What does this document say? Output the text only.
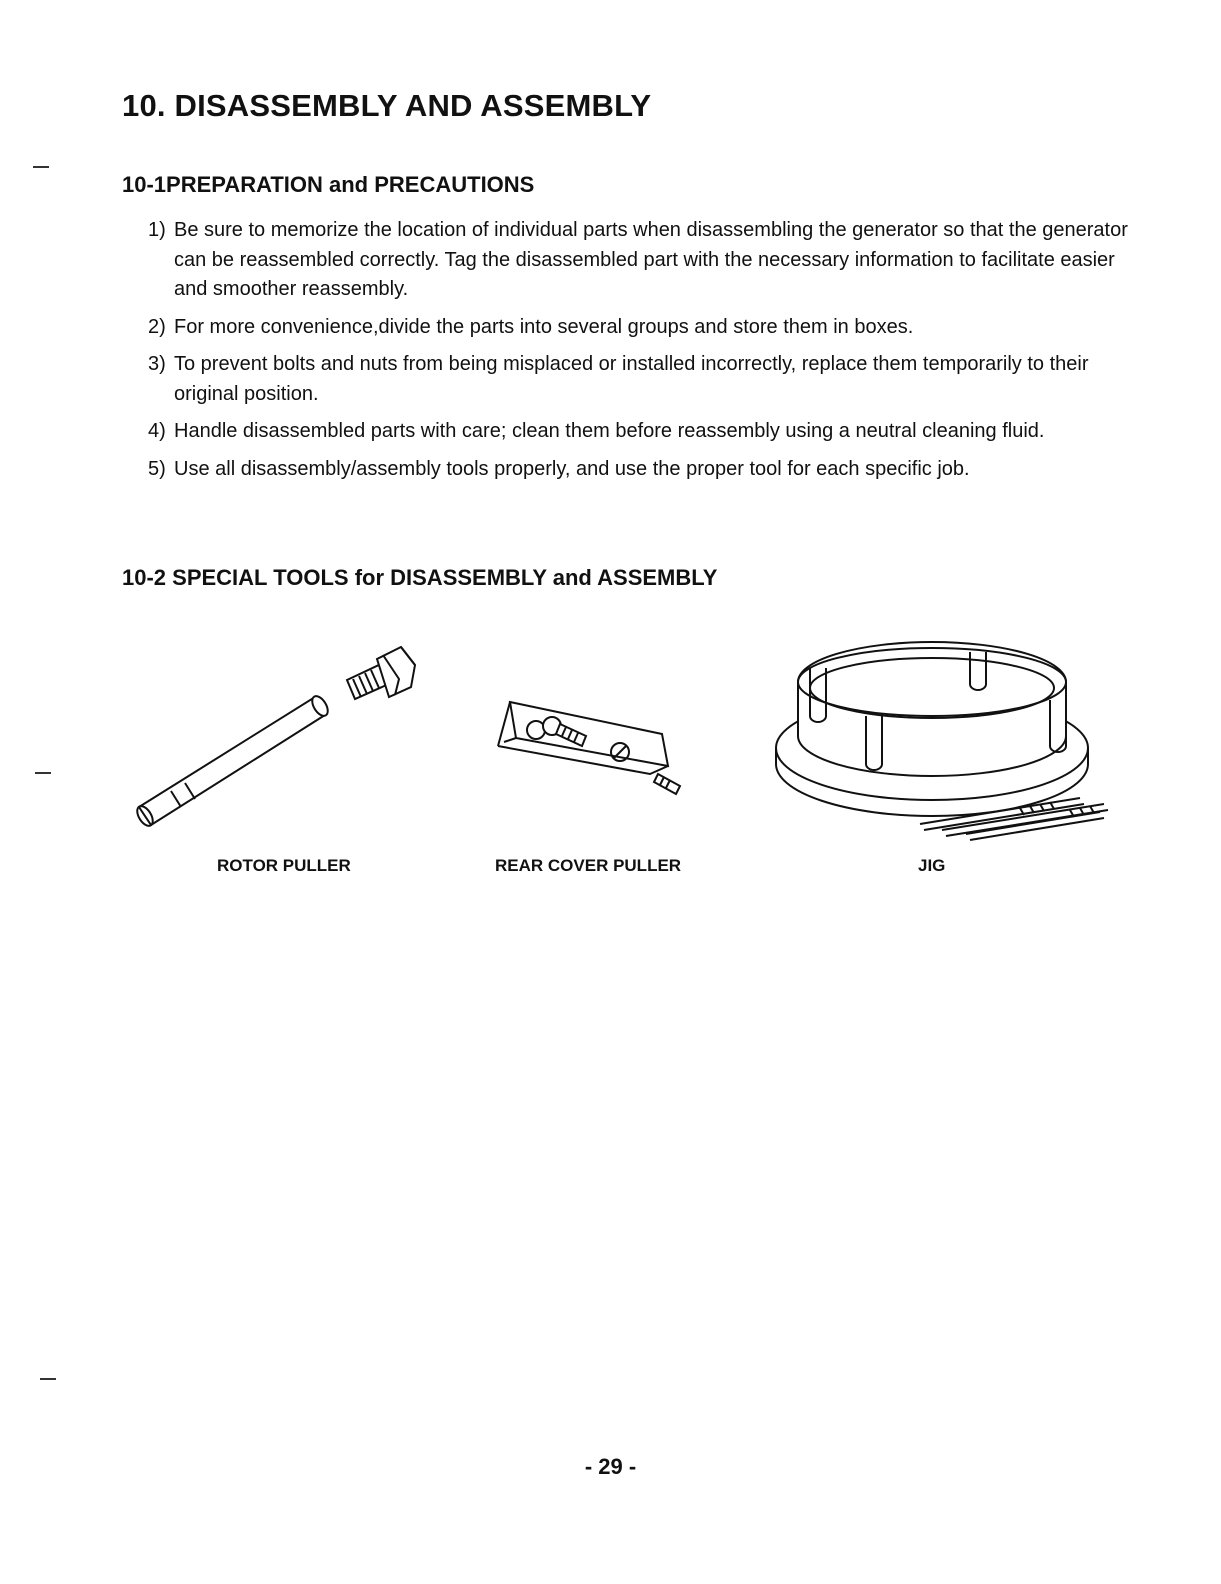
10. DISASSEMBLY AND ASSEMBLY
10-1PREPARATION and PRECAUTIONS
1) Be sure to memorize the location of individual parts when disassembling the generator so that the generator can be reassembled correctly. Tag the disassembled part with the necessary information to facilitate easier and smoother reassembly.
2) For more convenience,divide the parts into several groups and store them in boxes.
3) To prevent bolts and nuts from being misplaced or installed incorrectly, replace them temporarily to their original position.
4) Handle disassembled parts with care; clean them before reassembly using a neutral cleaning fluid.
5) Use all disassembly/assembly tools properly, and use the proper tool for each specific job.
10-2 SPECIAL TOOLS for DISASSEMBLY and ASSEMBLY
ROTOR PULLER	REAR COVER PULLER	JIG
- 29 -
